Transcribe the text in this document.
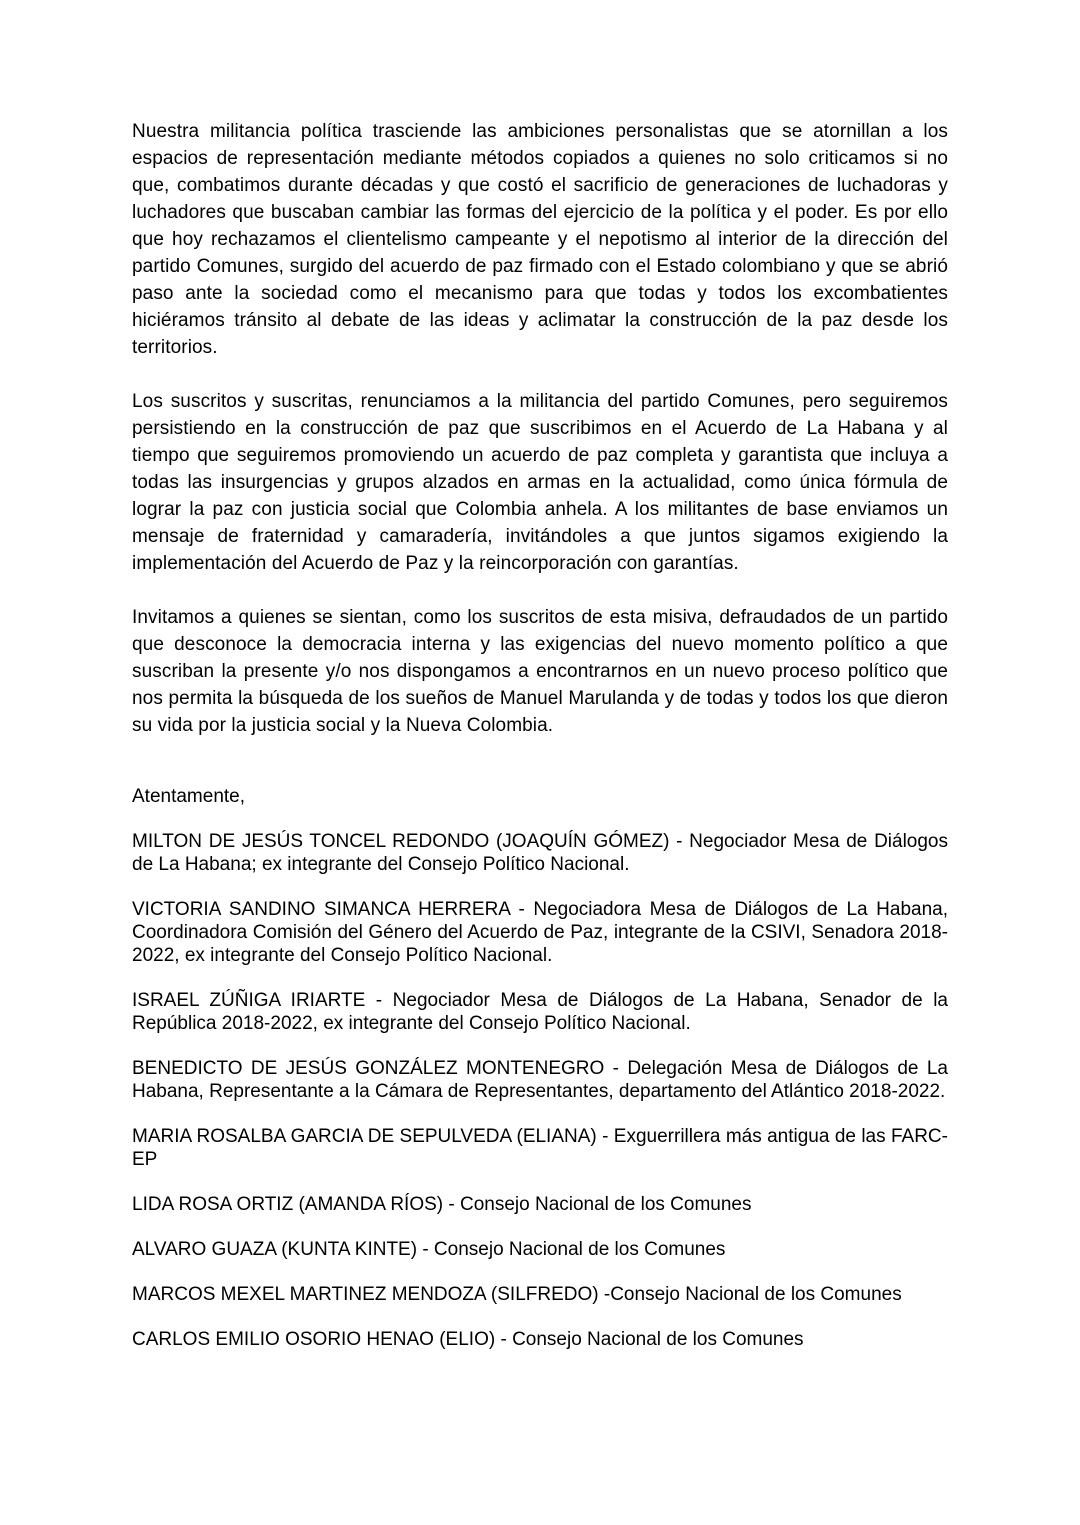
Nuestra militancia política trasciende las ambiciones personalistas que se atornillan a los espacios de representación mediante métodos copiados a quienes no solo criticamos si no que, combatimos durante décadas y que costó el sacrificio de generaciones de luchadoras y luchadores que buscaban cambiar las formas del ejercicio de la política y el poder. Es por ello que hoy rechazamos el clientelismo campeante y el nepotismo al interior de la dirección del partido Comunes, surgido del acuerdo de paz firmado con el Estado colombiano y que se abrió paso ante la sociedad como el mecanismo para que todas y todos los excombatientes hiciéramos tránsito al debate de las ideas y aclimatar la construcción de la paz desde los territorios.

Los suscritos y suscritas, renunciamos a la militancia del partido Comunes, pero seguiremos persistiendo en la construcción de paz que suscribimos en el Acuerdo de La Habana y al tiempo que seguiremos promoviendo un acuerdo de paz completa y garantista que incluya a todas las insurgencias y grupos alzados en armas en la actualidad, como única fórmula de lograr la paz con justicia social que Colombia anhela. A los militantes de base enviamos un mensaje de fraternidad y camaradería, invitándoles a que juntos sigamos exigiendo la implementación del Acuerdo de Paz y la reincorporación con garantías.

Invitamos a quienes se sientan, como los suscritos de esta misiva, defraudados de un partido que desconoce la democracia interna y las exigencias del nuevo momento político a que suscriban la presente y/o nos dispongamos a encontrarnos en un nuevo proceso político que nos permita la búsqueda de los sueños de Manuel Marulanda y de todas y todos los que dieron su vida por la justicia social y la Nueva Colombia.

Atentamente,

MILTON DE JESÚS TONCEL REDONDO (JOAQUÍN GÓMEZ) - Negociador Mesa de Diálogos de La Habana; ex integrante del Consejo Político Nacional.

VICTORIA SANDINO SIMANCA HERRERA - Negociadora Mesa de Diálogos de La Habana, Coordinadora Comisión del Género del Acuerdo de Paz, integrante de la CSIVI, Senadora 2018-2022, ex integrante del Consejo Político Nacional.

ISRAEL ZÚÑIGA IRIARTE - Negociador Mesa de Diálogos de La Habana, Senador de la República 2018-2022, ex integrante del Consejo Político Nacional.

BENEDICTO DE JESÚS GONZÁLEZ MONTENEGRO - Delegación Mesa de Diálogos de La Habana, Representante a la Cámara de Representantes, departamento del Atlántico 2018-2022.

MARIA ROSALBA GARCIA DE SEPULVEDA (ELIANA) - Exguerrillera más antigua de las FARC-EP

LIDA ROSA ORTIZ (AMANDA RÍOS) - Consejo Nacional de los Comunes

ALVARO GUAZA (KUNTA KINTE) - Consejo Nacional de los Comunes

MARCOS MEXEL MARTINEZ MENDOZA (SILFREDO) -Consejo Nacional de los Comunes

CARLOS EMILIO OSORIO HENAO (ELIO) - Consejo Nacional de los Comunes
